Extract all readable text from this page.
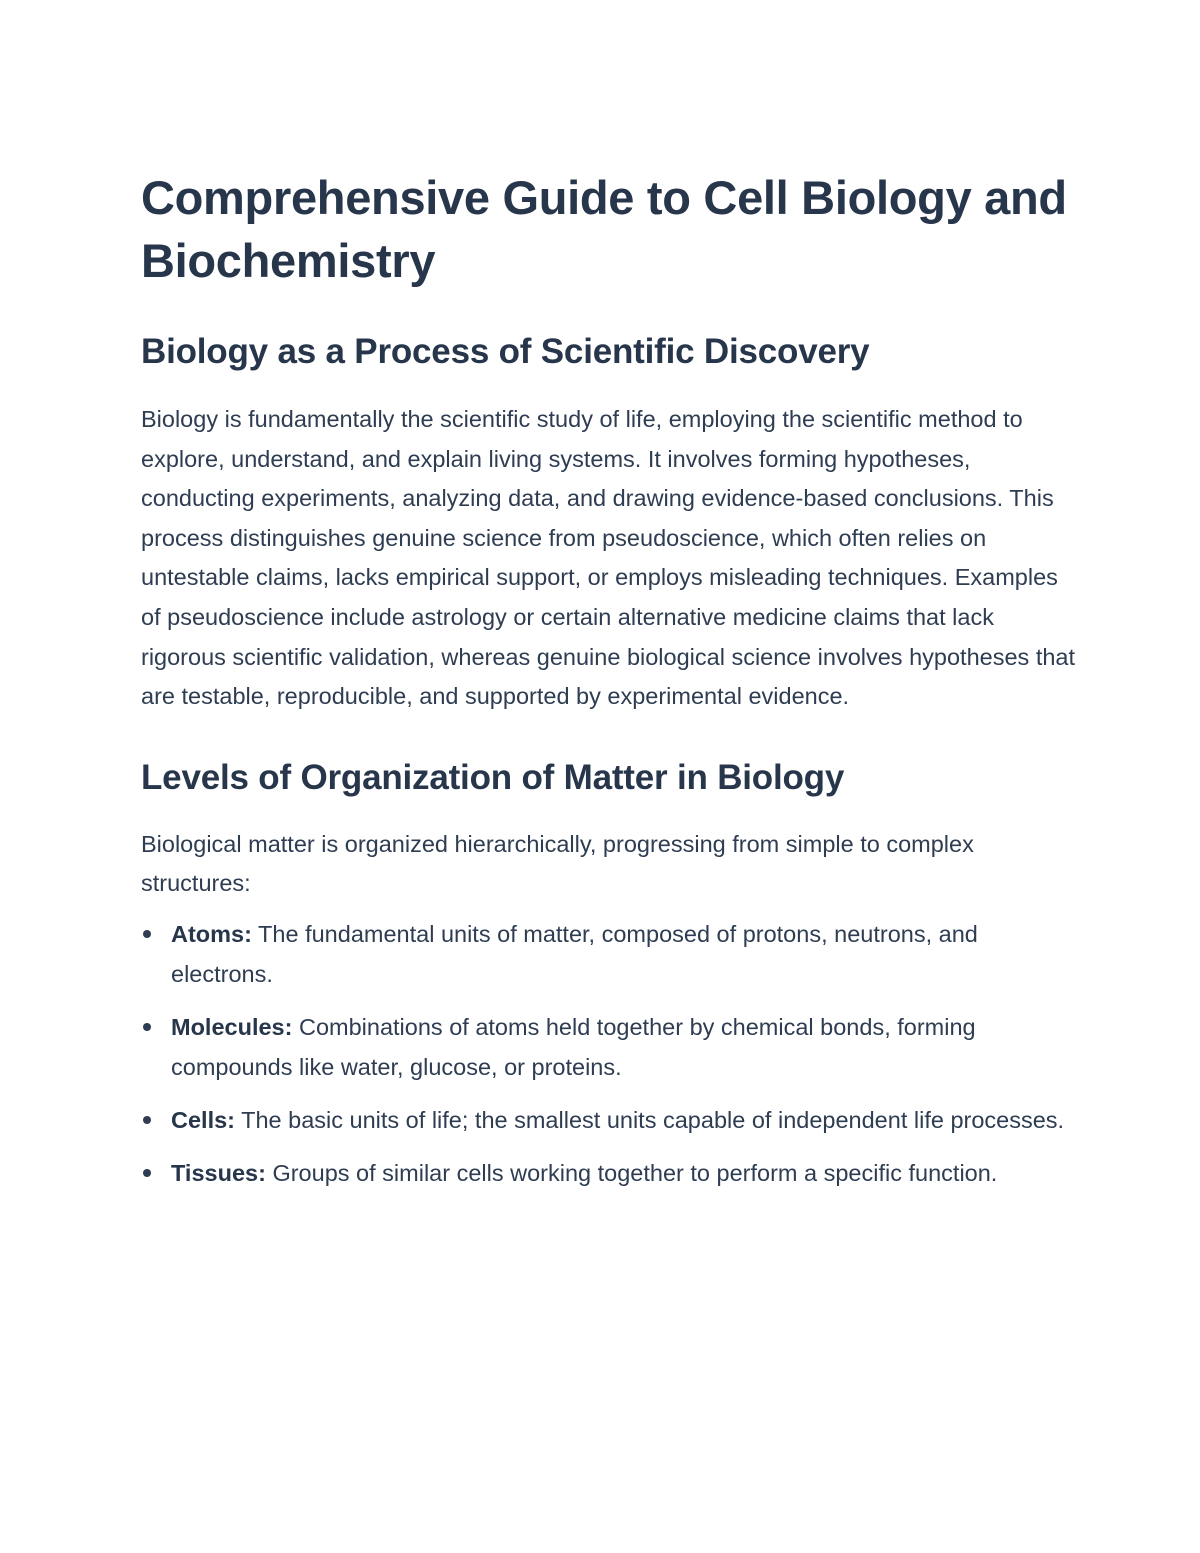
Comprehensive Guide to Cell Biology and Biochemistry
Biology as a Process of Scientific Discovery

Biology is fundamentally the scientific study of life, employing the scientific method to explore, understand, and explain living systems. It involves forming hypotheses, conducting experiments, analyzing data, and drawing evidence-based conclusions. This process distinguishes genuine science from pseudoscience, which often relies on untestable claims, lacks empirical support, or employs misleading techniques. Examples of pseudoscience include astrology or certain alternative medicine claims that lack rigorous scientific validation, whereas genuine biological science involves hypotheses that are testable, reproducible, and supported by experimental evidence.

Levels of Organization of Matter in Biology

Biological matter is organized hierarchically, progressing from simple to complex structures:

Atoms: The fundamental units of matter, composed of protons, neutrons, and electrons.
Molecules: Combinations of atoms held together by chemical bonds, forming compounds like water, glucose, or proteins.
Cells: The basic units of life; the smallest units capable of independent life processes.
Tissues: Groups of similar cells working together to perform a specific function.
